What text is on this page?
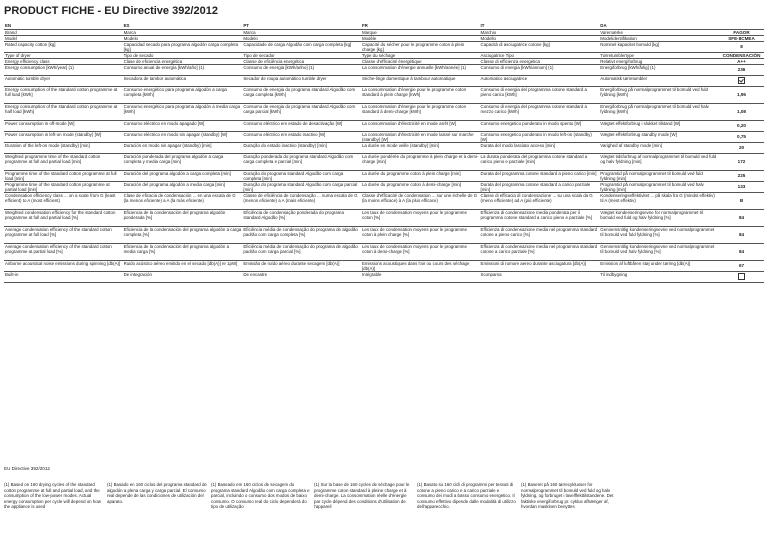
PRODUCT FICHE - EU Directive 392/2012
EN	ES	PT	FR	IT	DA	
Brand	Marca	Marca	Marque	Marchio	Varemærke	FAGOR
Model	Modelo	Modelo	Modèle	Modello	Modelidentifikation	SFE-8CMEA
Rated capacity cotton [kg]	Capacidad secado para programa algodón carga completa [kg]	Capacidade de carga Algodão com carga completa [kg]	Capacité du sécher pour le programme coton à plein charge [kg]	Capacità di asciugatrice cotone [kg]	Nominel kapacitet bomuld [kg]	8
Type of dryer	Tipo de secado	Tipo de secador	Type du séchage	Asciugatrice Tipo	Tørretumblertype	CONDENSACIÓN
Energy efficiency class	Clase de eficiencia energética	Classe de eficiência energética	Classe d'efficacité énergétique	Classe di efficienza energetica	Relativt energiforbrug	A++
Energy consumption [kWh/year] (1)	Consumo anual de energía [kWh/año] (1)	Consumo de energia [kWh/anho] (1)	La consommation d'énergie annuelle [kWh/année] (1)	Consumo di energia [kWh/annum] (1)	Energiforbrug [kWh/årlig] (1)	236
Automatic tumble dryer	Secadora de tambor automática	Secador de roupa automático tumble dryer	Sèche-linge domestique à tambour automatique	Automatico asciugatrice	Automatisk tørretumbler	
Energy consumption of the standard cotton programme at full load [kWh]	Consumo energético para programa algodón a carga completa [kWh]	Consumo de energia do programa standard Algodão com carga completa [kWh]	La consommation d'énergie pour le programme coton standard à plein charge [kWh]	Consumo di energia del programma cotone standard a pieno carico [kWh]	Energiforbrug på normalprogrammet til bomuld ved fuld fyldning [kWh]	1,95
Energy consumption of the standard cotton programme at half load [kWh]	Consumo energético para programa algodón a media carga [kWh]	Consumo de energia do programa standard Algodão com carga parcial [kWh]	La consommation d'énergie pour le programme coton standard à demi-charge [kWh]	Consumo di energia del programma cotone standard a mezzo carico [kWh]	Energiforbrug på normalprogrammet til bomuld ved halv fyldning [kWh]	1,08
Power consumption in off-mode [W]	Consumo eléctrico en modo apagado [W]	Consumo eléctrico em estado de desactivação [W]	La consommation d'électricité en mode arrêt [W]	Consumo energetico ponderato in modo spento [W]	Vægtet effektforbrug i slukket tilstand [W]	0,20
Power consumption in left-on mode (standby) [W]	Consumo eléctrico en modo sin apagar (standby) [W]	Consumo eléctrico em estado inactivo [W]	La consommation d'électricité en mode laissé sur marche (standby) [W]	Consumo energetico ponderato in modo left-on (standby) [W]	Vægtet effektforbrug standby mode [W]	0,75
Duration of the left-on mode (standby) [min]	Duración en modo sin apagar (standby) [min]	Duração do estado inactivo (standby) [min]	La durée en mode veille (standby) [min]	Durata del modo lasciato acceso [min]	Varighed af standby mode [min]	20
Weighted programme time of the standard cotton programme at full and partial load [min]	Duración ponderada del programa algodón a carga completa y media carga [min]	Duração ponderada do programa standard Algodão com carga completa e parcial [min]	La durée pondérée du programme à plein charge et à demi-charge [min]	La durata ponderata del programma cotone standard a carico pieno e parziale [min]	Vægtet tidsforbrug af normalprogrammet til bomuld ved fuld og halv fyldning [min]	172
Programme time of the standard cotton programme at full load [min]	Duración del programa algodón a carga completa [min]	Duração do programa standard Algodão com carga completa [min]	La durée du programme coton à plein charge [min]	Durata del programma cotone standard a pieno carico [min]	Programtid på normalprogrammet til bomuld ved fuld fyldning [min]	225
Programme time of the standard cotton programme at partial load [min]	Duración del programa algodón a media carga [min]	Duração do programa standard Algodão com carga parcial [min]	La durée du programme coton à demi-charge [min]	Durata del programma cotone standard a carico parziale [min]	Programtid på normalprogrammet til bomuld ved halv fyldning [min]	133
Condensation efficiency class ... on a scale from G (least efficient) to A (most efficient)	Clase de eficacia de condensación ... en una escala de G (la menos eficiente) a A (la más eficiente)	Classe de eficiência de condensação ... numa escala de G (menos eficiente) a A (mais eficiente)	Classe d'efficacité de condensation ... sur une échelle de G (la moins efficace) à A (la plus efficace)	Classe di efficacia di condensazione ... su una scala da G (meno efficiente) ad A (più efficiente)	Kondenseringseffektivitet ... på skala fra G (mindst effektiv) til A (mest effektiv)	B
Weighted condensation efficiency for the standard cotton programme at full and partial load [%]	Eficiencia de la condensación del programa algodón ponderada [%]	Eficiência de condensação ponderada do programa standard Algodão [%]	Les taux de condensation moyens pour le programme coton [%]	Efficienza di condensazione media ponderata per il programma cotone standard a carico pieno e parziale [%]	Vægtet kondenseringsevne for normalprogrammet til bomuld ved fuld og halv fyldning [%]	84
Average condensation efficiency of the standard cotton programme at full load [%]	Eficiencia de la condensación del programa algodón a carga completa [%]	Eficiência média de condensação do programa de algodão padrão com carga completa [%]	Les taux de condensation moyens pour le programme coton à plein charge [%]	Efficienza di condensazione media nel programma standard cotone a pieno carico [%]	Gennemsnitlig kondenseringsevne ved normalprogrammet til bomuld ved fuld fyldning [%]	84
Average condensation efficiency of the standard cotton programme at partial load [%]	Eficiencia de la condensación del programa algodón a media carga [%]	Eficiência média de condensação do programa de algodão padrão com carga parcial [%]	Les taux de condensation moyens pour le programme coton à demi-charge [%]	Efficienza di condensazione media nel programma standard cotone a carico parziale [%]	Gennemsnitlig kondenseringsevne ved normalprogrammet til bomuld ved halv fyldning [%]	84
Airborne acoustical noise emissions during spinning [db(A)]	Ruido acústico aéreo emitido en el secado [db(A)] re 1pW]	Emissão de ruído aéreo durante secagem [db(A)]	Emissions acoustiques dans l'air ou cours des séchage [db(A)]	Emissioni di rumore aereo durante asciugatura [db(A)]	Emission af luftbåren støj under tørring [db(A)]	67
Built-in	De integración	De encastre	Intégrable	Sconparsa	Til indbygning	
EU Directive 392/2012
(1) Based on 160 drying cycles of the standard cotton programme at full and partial load, and the consumption of the low-power modes. Actual energy consumption per cycle will depend on how the appliance is used
(1) Basado en 160 ciclos del programa standard de algodón a plena carga y carga parcial. El consumo real depende de las condiciones de utilización del aparato.
(1) Baseado em 160 ciclos de secagem do programa standard Algodão com carga completa e parcial, incluindo o consumo dos modos de baixo consumo. O consumo real do ciclo dependerá do tipo de utilização
(1) Sur la base de 160 cycles de séchage pour le programme coton standard à pleine charge et à demi-charge. La consommation réelle d'énergie par cycle dépend des conditions d'utilisation de l'appareil
(1) Basato su 160 cicli di programmi per tessuti di cotone a pieno carico e a carico parziale e consumo dei modi a basso consumo energetico. Il consumo effettivo dipende dalle modalità di utilizzo dell'apparecchio.
(1) Baseret på 160 tørrecyklusser for normalprogrammet til bomuld ved fuld og halv fyldning, og forbruget i lavelffekttilstandene. Det faktiske energiforbrug pr. cyklus afhænger af, hvordan maskinen benyttes
